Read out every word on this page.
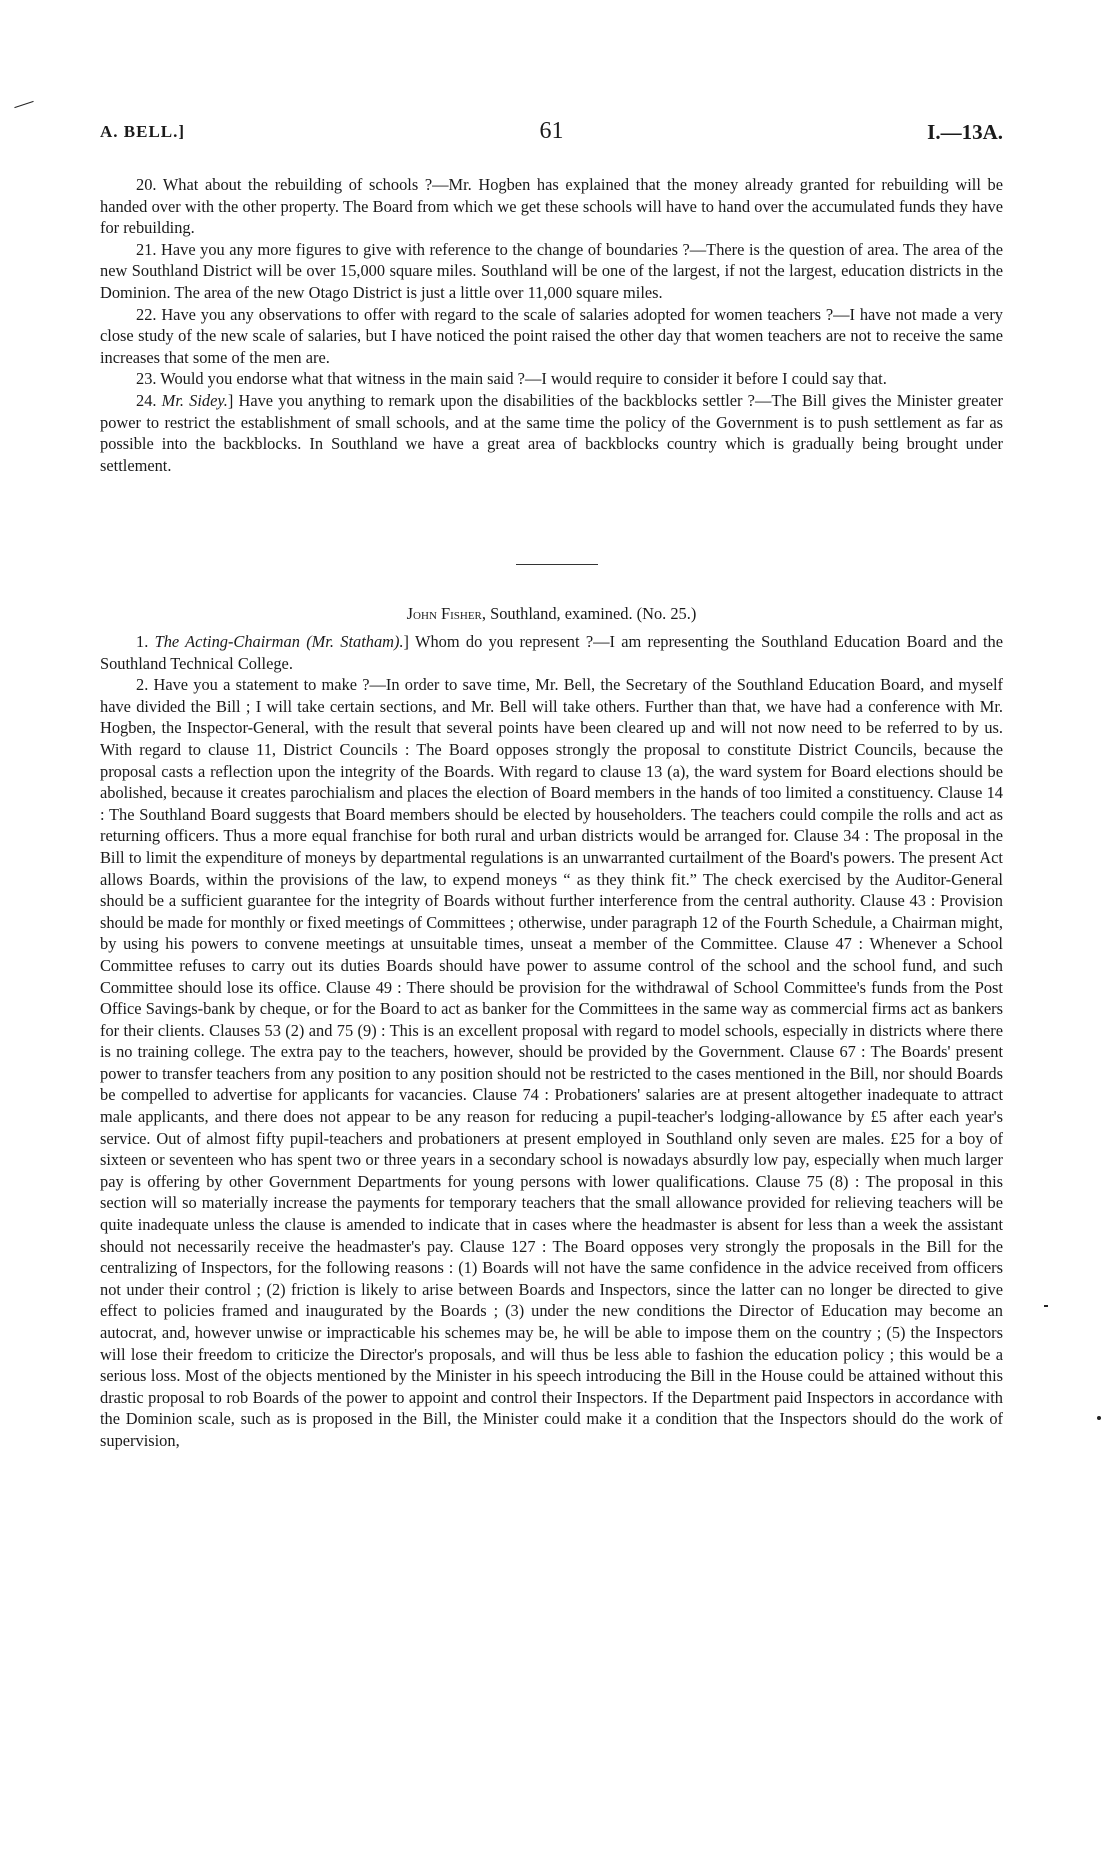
A. BELL.]	61	I.—13A.

20. What about the rebuilding of schools ?—Mr. Hogben has explained that the money already granted for rebuilding will be handed over with the other property. The Board from which we get these schools will have to hand over the accumulated funds they have for rebuilding.

21. Have you any more figures to give with reference to the change of boundaries ?—There is the question of area. The area of the new Southland District will be over 15,000 square miles. Southland will be one of the largest, if not the largest, education districts in the Dominion. The area of the new Otago District is just a little over 11,000 square miles.

22. Have you any observations to offer with regard to the scale of salaries adopted for women teachers ?—I have not made a very close study of the new scale of salaries, but I have noticed the point raised the other day that women teachers are not to receive the same increases that some of the men are.

23. Would you endorse what that witness in the main said ?—I would require to consider it before I could say that.

24. Mr. Sidey.] Have you anything to remark upon the disabilities of the backblocks settler ?—The Bill gives the Minister greater power to restrict the establishment of small schools, and at the same time the policy of the Government is to push settlement as far as possible into the backblocks. In Southland we have a great area of backblocks country which is gradually being brought under settlement.

John Fisher, Southland, examined. (No. 25.)

1. The Acting-Chairman (Mr. Statham).] Whom do you represent ?—I am representing the Southland Education Board and the Southland Technical College.

2. Have you a statement to make ?—In order to save time, Mr. Bell, the Secretary of the Southland Education Board, and myself have divided the Bill ; I will take certain sections, and Mr. Bell will take others. Further than that, we have had a conference with Mr. Hogben, the Inspector-General, with the result that several points have been cleared up and will not now need to be referred to by us. With regard to clause 11, District Councils : The Board opposes strongly the proposal to constitute District Councils, because the proposal casts a reflection upon the integrity of the Boards. With regard to clause 13 (a), the ward system for Board elections should be abolished, because it creates parochialism and places the election of Board members in the hands of too limited a constituency. Clause 14 : The Southland Board suggests that Board members should be elected by householders. The teachers could compile the rolls and act as returning officers. Thus a more equal franchise for both rural and urban districts would be arranged for. Clause 34 : The proposal in the Bill to limit the expenditure of moneys by departmental regulations is an unwarranted curtailment of the Board's powers. The present Act allows Boards, within the provisions of the law, to expend moneys “ as they think fit.” The check exercised by the Auditor-General should be a sufficient guarantee for the integrity of Boards without further interference from the central authority. Clause 43 : Provision should be made for monthly or fixed meetings of Committees ; otherwise, under paragraph 12 of the Fourth Schedule, a Chairman might, by using his powers to convene meetings at unsuitable times, unseat a member of the Committee. Clause 47 : Whenever a School Committee refuses to carry out its duties Boards should have power to assume control of the school and the school fund, and such Committee should lose its office. Clause 49 : There should be provision for the withdrawal of School Committee's funds from the Post Office Savings-bank by cheque, or for the Board to act as banker for the Committees in the same way as commercial firms act as bankers for their clients. Clauses 53 (2) and 75 (9) : This is an excellent proposal with regard to model schools, especially in districts where there is no training college. The extra pay to the teachers, however, should be provided by the Government. Clause 67 : The Boards' present power to transfer teachers from any position to any position should not be restricted to the cases mentioned in the Bill, nor should Boards be compelled to advertise for applicants for vacancies. Clause 74 : Probationers' salaries are at present altogether inadequate to attract male applicants, and there does not appear to be any reason for reducing a pupil-teacher's lodging-allowance by £5 after each year's service. Out of almost fifty pupil-teachers and probationers at present employed in Southland only seven are males. £25 for a boy of sixteen or seventeen who has spent two or three years in a secondary school is nowadays absurdly low pay, especially when much larger pay is offering by other Government Departments for young persons with lower qualifications. Clause 75 (8) : The proposal in this section will so materially increase the payments for temporary teachers that the small allowance provided for relieving teachers will be quite inadequate unless the clause is amended to indicate that in cases where the headmaster is absent for less than a week the assistant should not necessarily receive the headmaster's pay. Clause 127 : The Board opposes very strongly the proposals in the Bill for the centralizing of Inspectors, for the following reasons : (1) Boards will not have the same confidence in the advice received from officers not under their control ; (2) friction is likely to arise between Boards and Inspectors, since the latter can no longer be directed to give effect to policies framed and inaugurated by the Boards ; (3) under the new conditions the Director of Education may become an autocrat, and, however unwise or impracticable his schemes may be, he will be able to impose them on the country ; (5) the Inspectors will lose their freedom to criticize the Director's proposals, and will thus be less able to fashion the education policy ; this would be a serious loss. Most of the objects mentioned by the Minister in his speech introducing the Bill in the House could be attained without this drastic proposal to rob Boards of the power to appoint and control their Inspectors. If the Department paid Inspectors in accordance with the Dominion scale, such as is proposed in the Bill, the Minister could make it a condition that the Inspectors should do the work of supervision,
